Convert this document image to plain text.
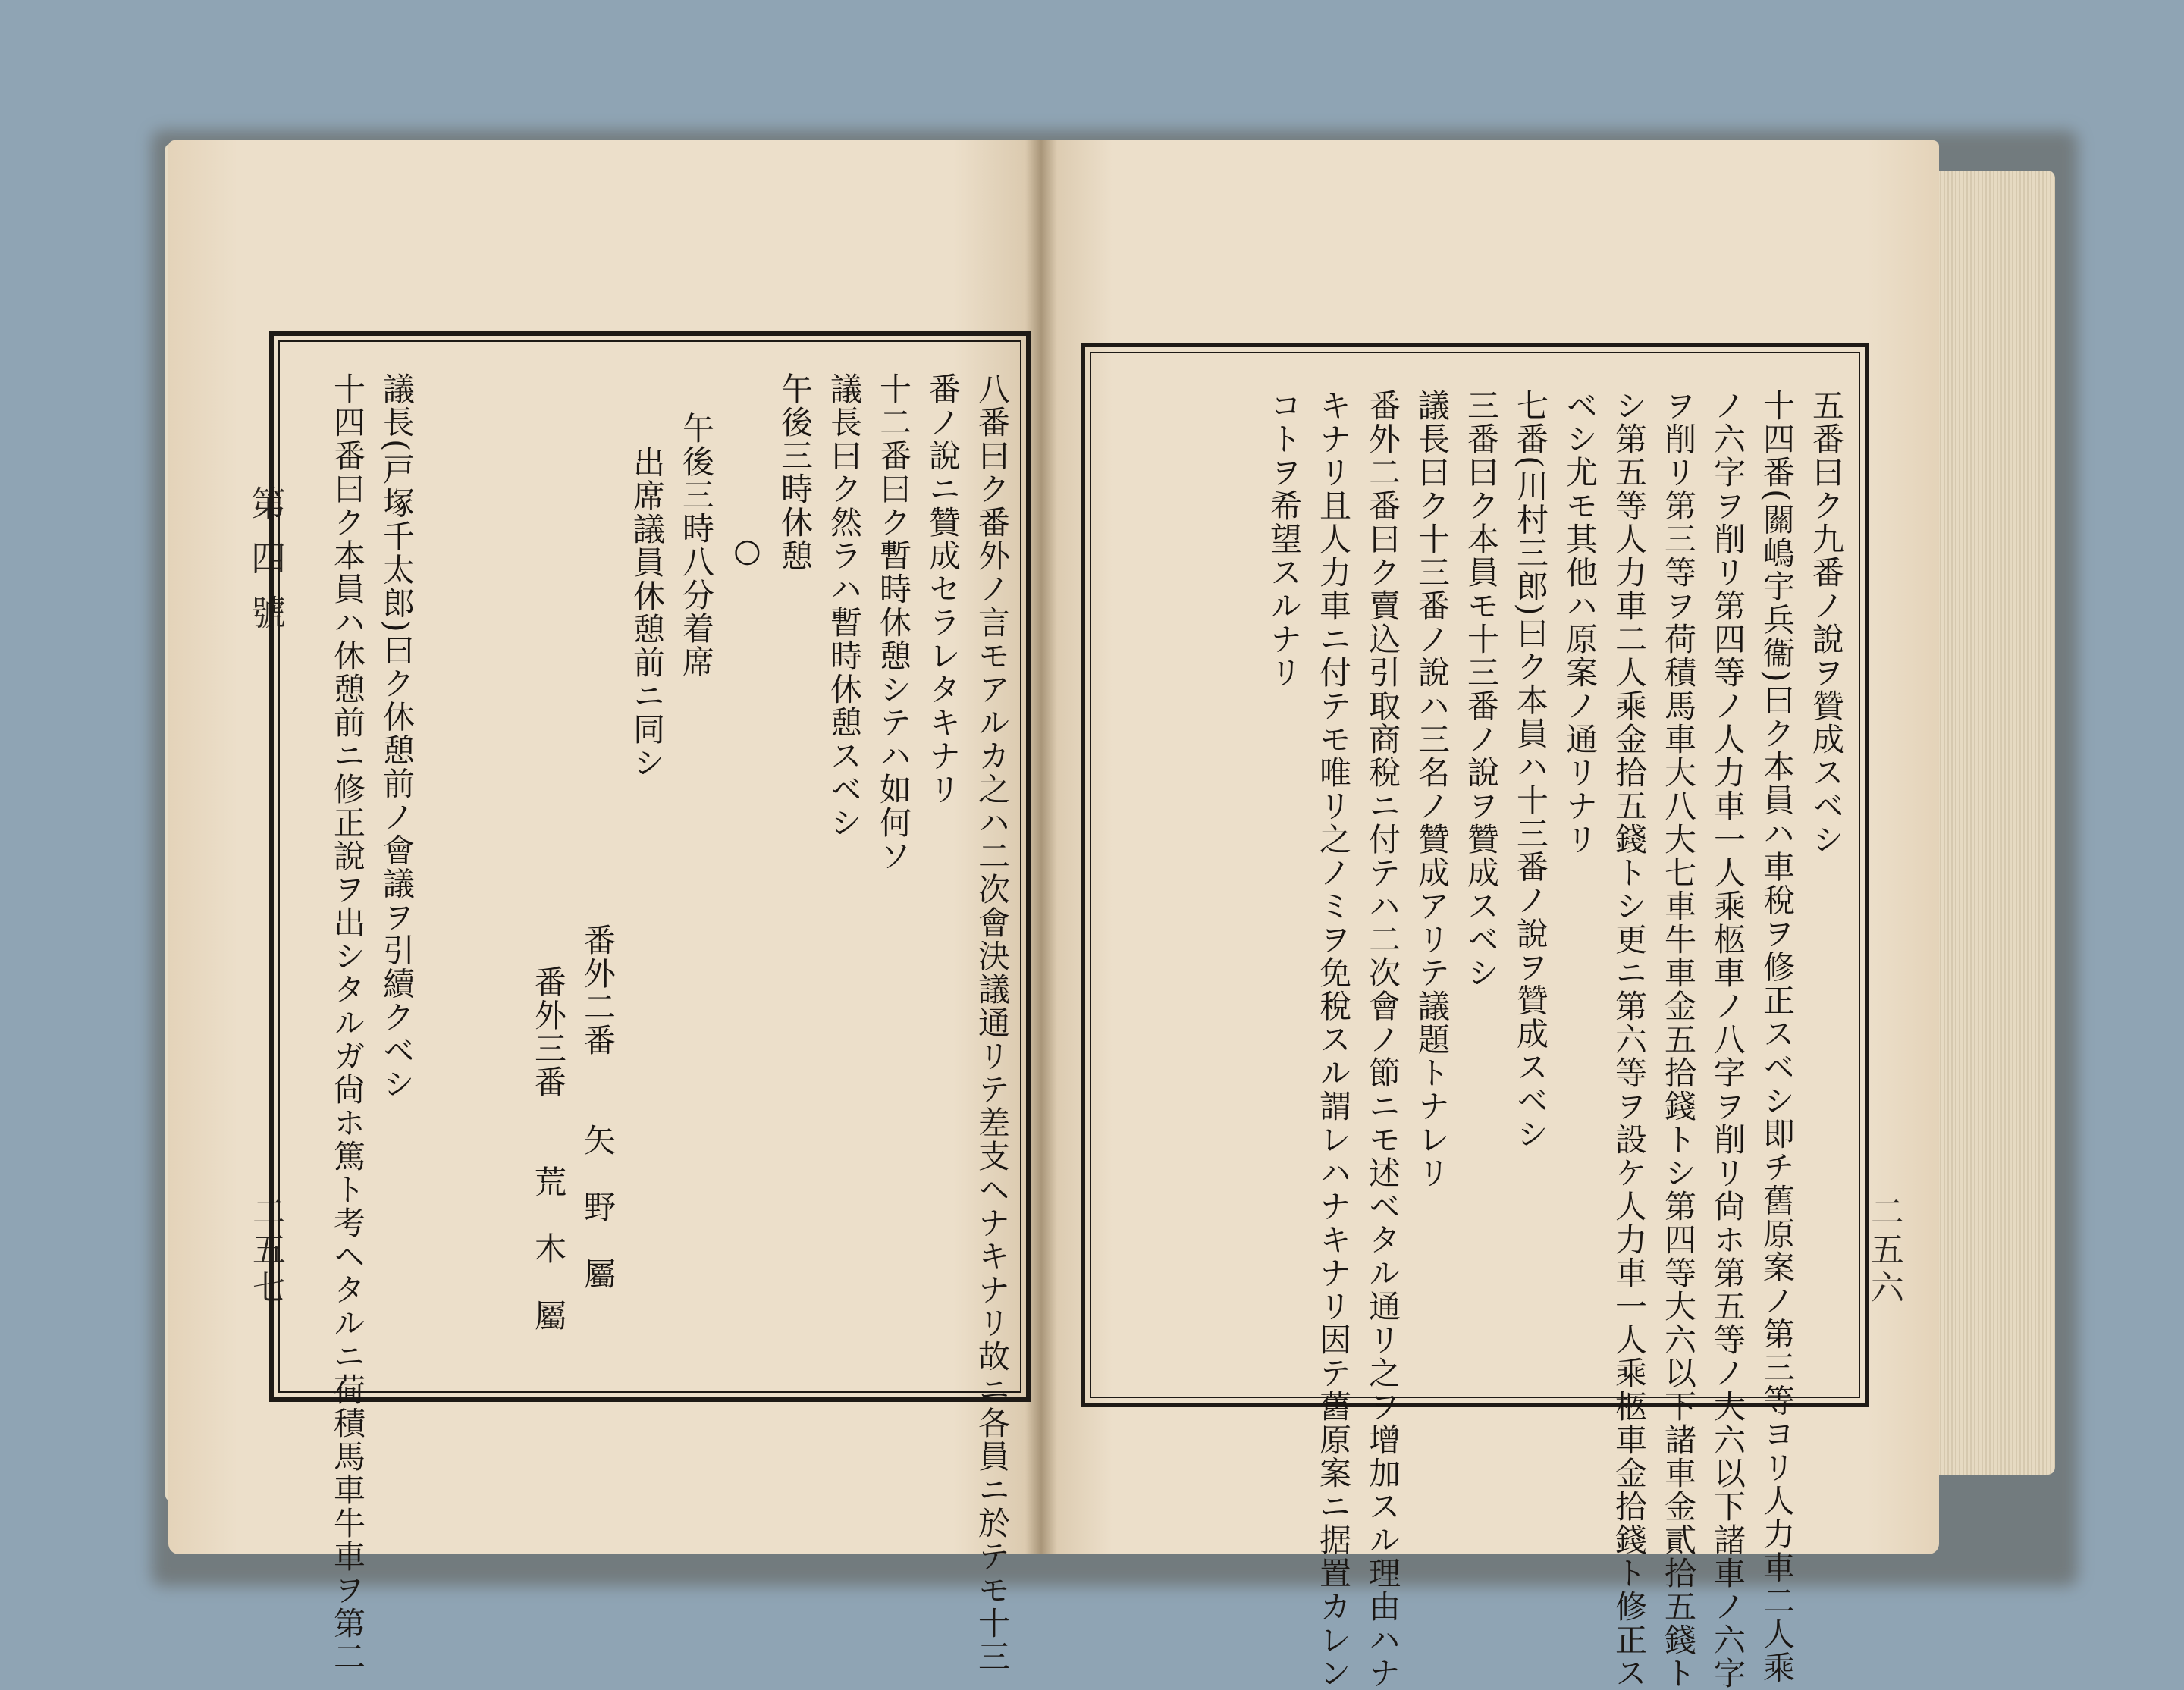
第四號
二五七	八番曰ク番外ノ言モアルカ之ハ二次會決議通リテ差支ヘナキナリ故ニ各員ニ於テモ十三
番ノ說ニ贊成セラレタキナリ
十二番曰ク暫時休憩シテハ如何ソ
議長曰ク然ラハ暫時休憩スベシ
午後三時休憩
○
午後三時八分着席
出席議員休憩前ニ同シ
番外二番　　矢　野　屬
番外三番　　荒　木　屬
議長(戸塚千太郎)曰ク休憩前ノ會議ヲ引續クベシ
十四番曰ク本員ハ休憩前ニ修正說ヲ出シタルガ尙ホ篤ト考ヘタルニ荷積馬車牛車ヲ第二	二五六
五番曰ク九番ノ說ヲ贊成スベシ
十四番(關嶋宇兵衞)曰ク本員ハ車稅ヲ修正スベシ即チ舊原案ノ第三等ヨリ人力車二人乘
ノ六字ヲ削リ第四等ノ人力車一人乘柩車ノ八字ヲ削リ尙ホ第五等ノ大六以下諸車ノ六字
ヲ削リ第三等ヲ荷積馬車大八大七車牛車金五拾錢トシ第四等大六以下諸車金貳拾五錢ト
シ第五等人力車二人乘金拾五錢トシ更ニ第六等ヲ設ケ人力車一人乘柩車金拾錢ト修正ス
ベシ尤モ其他ハ原案ノ通リナリ
七番(川村三郎)曰ク本員ハ十三番ノ說ヲ贊成スベシ
三番曰ク本員モ十三番ノ說ヲ贊成スベシ
議長曰ク十三番ノ說ハ三名ノ贊成アリテ議題トナレリ
番外二番曰ク賣込引取商稅ニ付テハ二次會ノ節ニモ述ベタル通リ之ヲ增加スル理由ハナ
キナリ且人力車ニ付テモ唯リ之ノミヲ免稅スル謂レハナキナリ因テ舊原案ニ据置カレン
コトヲ希望スルナリ
